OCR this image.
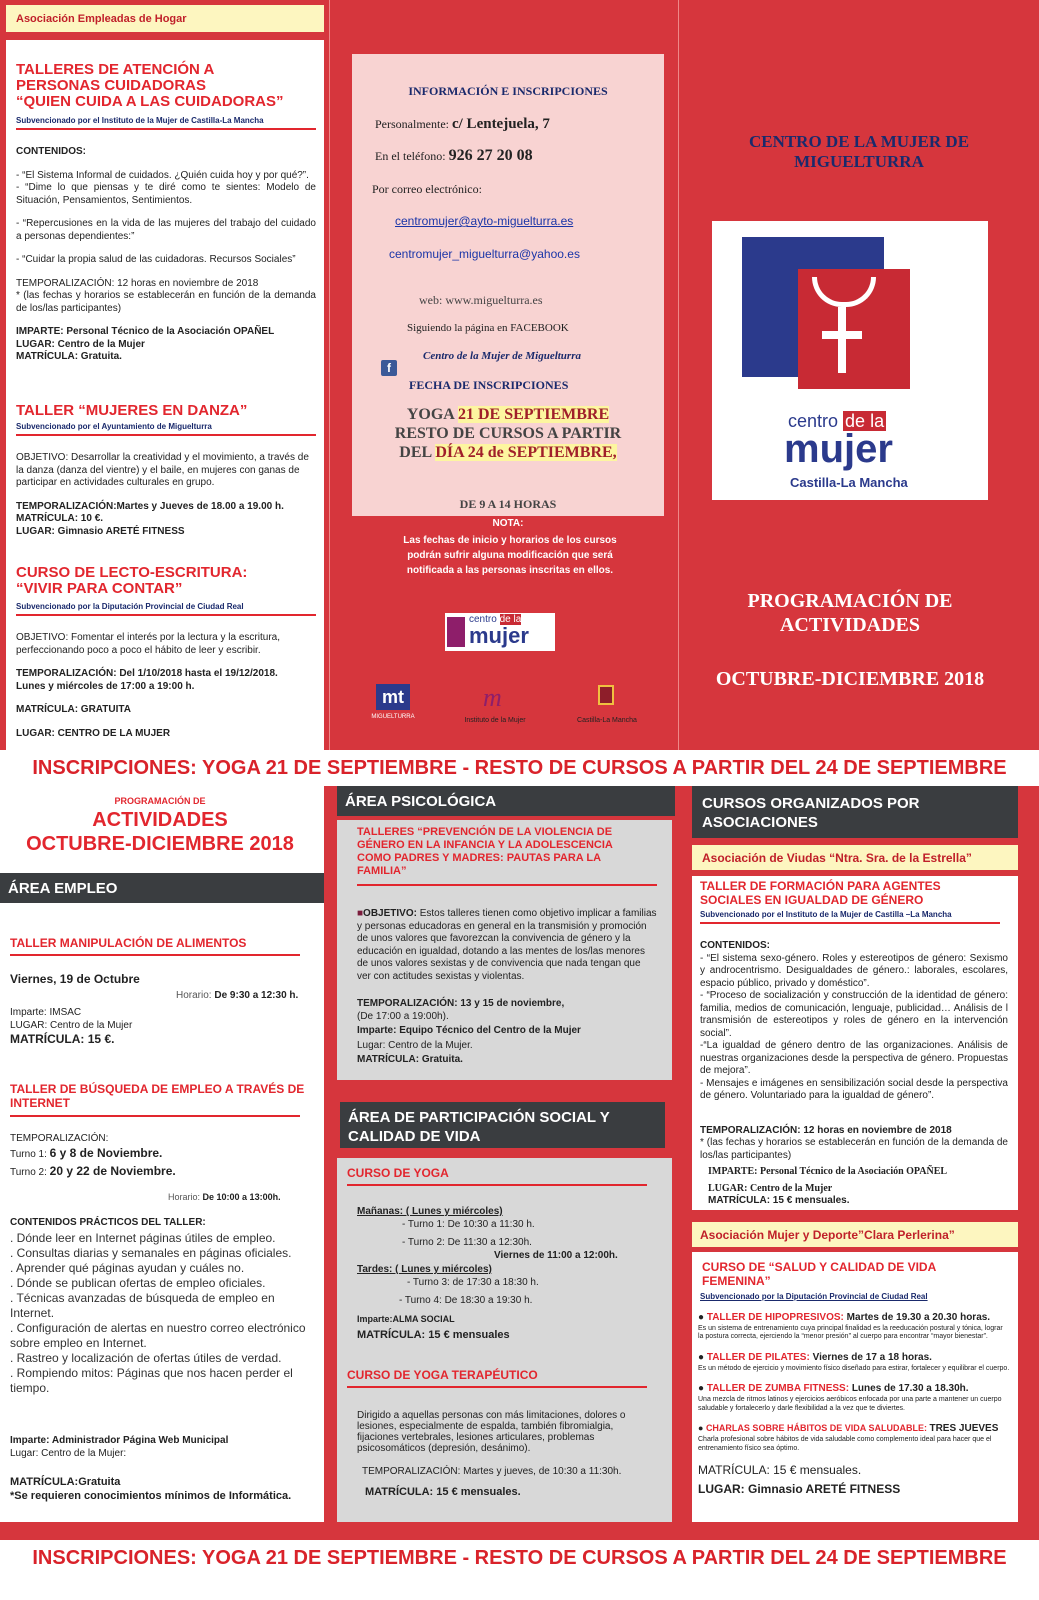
Asociación Empleadas de Hogar
TALLERES DE ATENCIÓN A
PERSONAS CUIDADORAS
“QUIEN CUIDA A LAS CUIDADORAS”
Subvencionado por el Instituto de la Mujer de Castilla-La Mancha

CONTENIDOS:

- “El Sistema Informal de cuidados. ¿Quién cuida hoy y por qué?”.

- “Dime lo que piensas y te diré como te sientes: Modelo de Situación, Pensamientos, Sentimientos.

- “Repercusiones en la vida de las mujeres del trabajo del cuidado a personas dependientes:”

- “Cuidar la propia salud de las cuidadoras. Recursos Sociales”

TEMPORALIZACIÓN: 12 horas en noviembre de 2018

* (las fechas y horarios se establecerán en función de la demanda de los/las participantes)

IMPARTE: Personal Técnico de la Asociación OPAÑEL

LUGAR: Centro de la Mujer

MATRÍCULA: Gratuita.

TALLER “MUJERES EN DANZA”
Subvencionado por el Ayuntamiento de Miguelturra

OBJETIVO: Desarrollar la creatividad y el movimiento, a través de la danza (danza del vientre) y el baile, en mujeres con ganas de participar en actividades culturales en grupo.

TEMPORALIZACIÓN:Martes y Jueves de 18.00 a 19.00 h.

MATRÍCULA: 10 €.

LUGAR: Gimnasio ARETÉ FITNESS

CURSO DE LECTO-ESCRITURA:
“VIVIR PARA CONTAR”
Subvencionado por la Diputación Provincial de Ciudad Real

OBJETIVO: Fomentar el interés por la lectura y la escritura, perfeccionando poco a poco el hábito de leer y escribir.

TEMPORALIZACIÓN: Del 1/10/2018 hasta el 19/12/2018.

Lunes y miércoles de 17:00 a 19:00 h.

MATRÍCULA: GRATUITA

LUGAR: CENTRO DE LA MUJER

INFORMACIÓN E INSCRIPCIONES
Personalmente: c/ Lentejuela, 7
En el teléfono: 926 27 20 08
Por correo electrónico:
centromujer@ayto-miguelturra.es
centromujer_miguelturra@yahoo.es
web: www.miguelturra.es
Siguiendo la página en FACEBOOK
f
Centro de la Mujer de Miguelturra
FECHA DE INSCRIPCIONES
YOGA 21 DE SEPTIEMBRE
RESTO DE CURSOS A PARTIR
DEL DÍA 24 de SEPTIEMBRE,
DE 9 A 14 HORAS
NOTA:
Las fechas de inicio y horarios de los cursos podrán sufrir alguna modificación que será notificada a las personas inscritas en ellos.
centro de la
mujer
mt
MIGUELTURRA
m
Instituto de la Mujer	Castilla-La Mancha
CENTRO DE LA MUJER DE MIGUELTURRA
centro de la
mujer
Castilla-La Mancha
PROGRAMACIÓN DE ACTIVIDADES
OCTUBRE-DICIEMBRE 2018
INSCRIPCIONES: YOGA 21 DE SEPTIEMBRE - RESTO DE CURSOS A PARTIR DEL 24 DE SEPTIEMBRE
INSCRIPCIONES: YOGA 21 DE SEPTIEMBRE - RESTO DE CURSOS A PARTIR DEL 24 DE SEPTIEMBRE
PROGRAMACIÓN DE
ACTIVIDADES
OCTUBRE-DICIEMBRE 2018
ÁREA EMPLEO
TALLER MANIPULACIÓN DE ALIMENTOS
Viernes, 19 de Octubre
Horario: De 9:30 a 12:30 h.

Imparte: IMSAC

LUGAR: Centro de la Mujer

MATRÍCULA: 15 €.

TALLER DE BÚSQUEDA DE EMPLEO A TRAVÉS DE INTERNET
TEMPORALIZACIÓN:
Turno 1: 6 y 8 de Noviembre.
Turno 2: 20 y 22 de Noviembre.
Horario: De 10:00 a 13:00h.
CONTENIDOS PRÁCTICOS DEL TALLER:

. Dónde leer en Internet páginas útiles de empleo.

. Consultas diarias y semanales en páginas oficiales.

. Aprender qué páginas ayudan y cuáles no.

. Dónde se publican ofertas de empleo oficiales.

. Técnicas avanzadas de búsqueda de empleo en Internet.

. Configuración de alertas en nuestro correo electrónico sobre empleo en Internet.

. Rastreo y localización de ofertas útiles de verdad.

. Rompiendo mitos: Páginas que nos hacen perder el tiempo.

Imparte: Administrador Página Web Municipal

Lugar: Centro de la Mujer:

MATRÍCULA:Gratuita

*Se requieren conocimientos mínimos de Informática.

ÁREA PSICOLÓGICA
TALLERES “PREVENCIÓN DE LA VIOLENCIA DE GÉNERO EN LA INFANCIA Y LA ADOLESCENCIA COMO PADRES Y MADRES: PAUTAS PARA LA FAMILIA”

■OBJETIVO: Estos talleres tienen como objetivo implicar a familias y personas educadoras en general en la transmisión y promoción de unos valores que favorezcan la convivencia de género y la educación en igualdad, dotando a las mentes de los/las menores de unos valores sexistas y de convivencia que nada tengan que ver con actitudes sexistas y violentas.

TEMPORALIZACIÓN: 13 y 15 de noviembre,

(De 17:00 a 19:00h).

Imparte: Equipo Técnico del Centro de la Mujer

Lugar: Centro de la Mujer.

MATRÍCULA: Gratuita.

ÁREA DE PARTICIPACIÓN SOCIAL Y CALIDAD DE VIDA
CURSO DE YOGA

Mañanas: ( Lunes y miércoles)

- Turno 1: De 10:30 a 11:30 h.

- Turno 2: De 11:30 a 12:30h.

Viernes de 11:00 a 12:00h.

Tardes: ( Lunes y miércoles)

- Turno 3: de 17:30 a 18:30 h.

- Turno 4: De 18:30 a 19:30 h.

Imparte:ALMA SOCIAL

MATRÍCULA: 15 € mensuales

CURSO DE YOGA TERAPÉUTICO
Dirigido a aquellas personas con más limitaciones, dolores o lesiones, especialmente de espalda, también fibromialgia, fijaciones vertebrales, lesiones articulares, problemas psicosomáticos (depresión, desánimo).
TEMPORALIZACIÓN: Martes y jueves, de 10:30 a 11:30h.
MATRÍCULA: 15 € mensuales.
CURSOS ORGANIZADOS POR ASOCIACIONES
Asociación de Viudas “Ntra. Sra. de la Estrella”
TALLER DE FORMACIÓN PARA AGENTES SOCIALES EN IGUALDAD DE GÉNERO
Subvencionado por el Instituto de la Mujer de Castilla –La Mancha

CONTENIDOS:

- “El sistema sexo-género. Roles y estereotipos de género: Sexismo y androcentrismo. Desigualdades de género.: laborales, escolares, espacio público, privado y doméstico”.

- “Proceso de socialización y construcción de la identidad de género: familia, medios de comunicación, lenguaje, publicidad… Análisis de l transmisión de estereotipos y roles de género en la intervención social”.

-“La igualdad de género dentro de las organizaciones. Análisis de nuestras organizaciones desde la perspectiva de género. Propuestas de mejora”.

- Mensajes e imágenes en sensibilización social desde la perspectiva de género. Voluntariado para la igualdad de género”.

TEMPORALIZACIÓN: 12 horas en noviembre de 2018

* (las fechas y horarios se establecerán en función de la demanda de los/las participantes)

IMPARTE: Personal Técnico de la Asociación OPAÑEL

LUGAR: Centro de la Mujer

MATRÍCULA: 15 € mensuales.

Asociación Mujer y Deporte”Clara Perlerina”
CURSO DE “SALUD Y CALIDAD DE VIDA FEMENINA”
Subvencionado por la Diputación Provincial de Ciudad Real

● TALLER DE HIPOPRESIVOS: Martes de 19.30 a 20.30 horas.

Es un sistema de entrenamiento cuya principal finalidad es la reeducación postural y tónica, lograr la postura correcta, ejerciendo la “menor presión” al cuerpo para encontrar “mayor bienestar”.

● TALLER DE PILATES: Viernes de 17 a 18 horas.

Es un método de ejercicio y movimiento físico diseñado para estirar, fortalecer y equilibrar el cuerpo.

● TALLER DE ZUMBA FITNESS: Lunes de 17.30 a 18.30h.

Una mezcla de ritmos latinos y ejercicios aeróbicos enfocada por una parte a mantener un cuerpo saludable y fortalecerlo y darle flexibilidad a la vez que te diviertes.

● CHARLAS SOBRE HÁBITOS DE VIDA SALUDABLE: TRES JUEVES

Charla profesional sobre hábitos de vida saludable como complemento ideal para hacer que el entrenamiento físico sea óptimo.

MATRÍCULA: 15 € mensuales.

LUGAR: Gimnasio ARETÉ FITNESS
